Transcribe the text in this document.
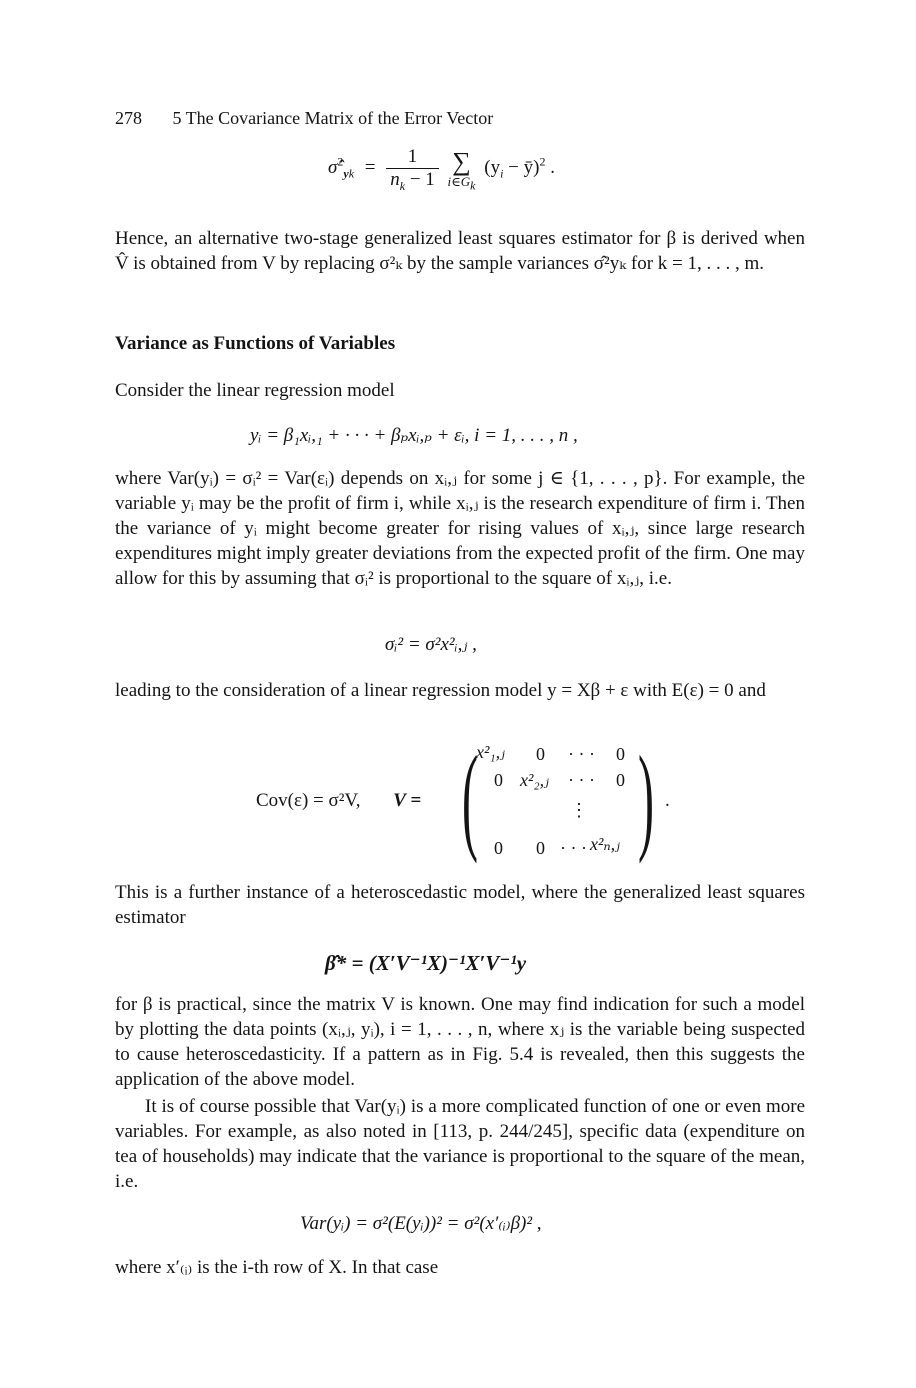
278 5 The Covariance Matrix of the Error Vector
σ̂$^2_{yk}$ = $\frac{1}{n_k - 1}$
∑
$i\in G_k$
($y_i$ − ȳ)$^2$ .
Hence, an alternative two-stage generalized least squares estimator for β is derived when V̂ is obtained from V by replacing σ²ₖ by the sample variances σ̂²yₖ for k = 1, . . . , m.
Variance as Functions of Variables
Consider the linear regression model
yᵢ = β₁xᵢ,₁ + · · · + βₚxᵢ,ₚ + εᵢ, i = 1, . . . , n ,
where Var(yᵢ) = σᵢ² = Var(εᵢ) depends on xᵢ,ⱼ for some j ∈ {1, . . . , p}. For example, the variable yᵢ may be the profit of firm i, while xᵢ,ⱼ is the research expenditure of firm i. Then the variance of yᵢ might become greater for rising values of xᵢ,ⱼ, since large research expenditures might imply greater deviations from the expected profit of the firm. One may allow for this by assuming that σᵢ² is proportional to the square of xᵢ,ⱼ, i.e.
σᵢ² = σ²x²ᵢ,ⱼ ,
leading to the consideration of a linear regression model y = Xβ + ε with E(ε) = 0 and
Cov(ε) = σ²V, V = (
x²₁,ⱼ 0 · · · 0
0 x²₂,ⱼ · · · 0
⋮
0 0 · · · x²ₙ,ⱼ ) .
This is a further instance of a heteroscedastic model, where the generalized least squares estimator
β̂* = (X′V⁻¹X)⁻¹X′V⁻¹y
for β is practical, since the matrix V is known. One may find indication for such a model by plotting the data points (xᵢ,ⱼ, yᵢ), i = 1, . . . , n, where xⱼ is the variable being suspected to cause heteroscedasticity. If a pattern as in Fig. 5.4 is revealed, then this suggests the application of the above model.
It is of course possible that Var(yᵢ) is a more complicated function of one or even more variables. For example, as also noted in [113, p. 244/245], specific data (expenditure on tea of households) may indicate that the variance is proportional to the square of the mean, i.e.
Var(yᵢ) = σ²(E(yᵢ))² = σ²(x′₍ᵢ₎β)² ,
where x′₍ᵢ₎ is the i-th row of X. In that case
